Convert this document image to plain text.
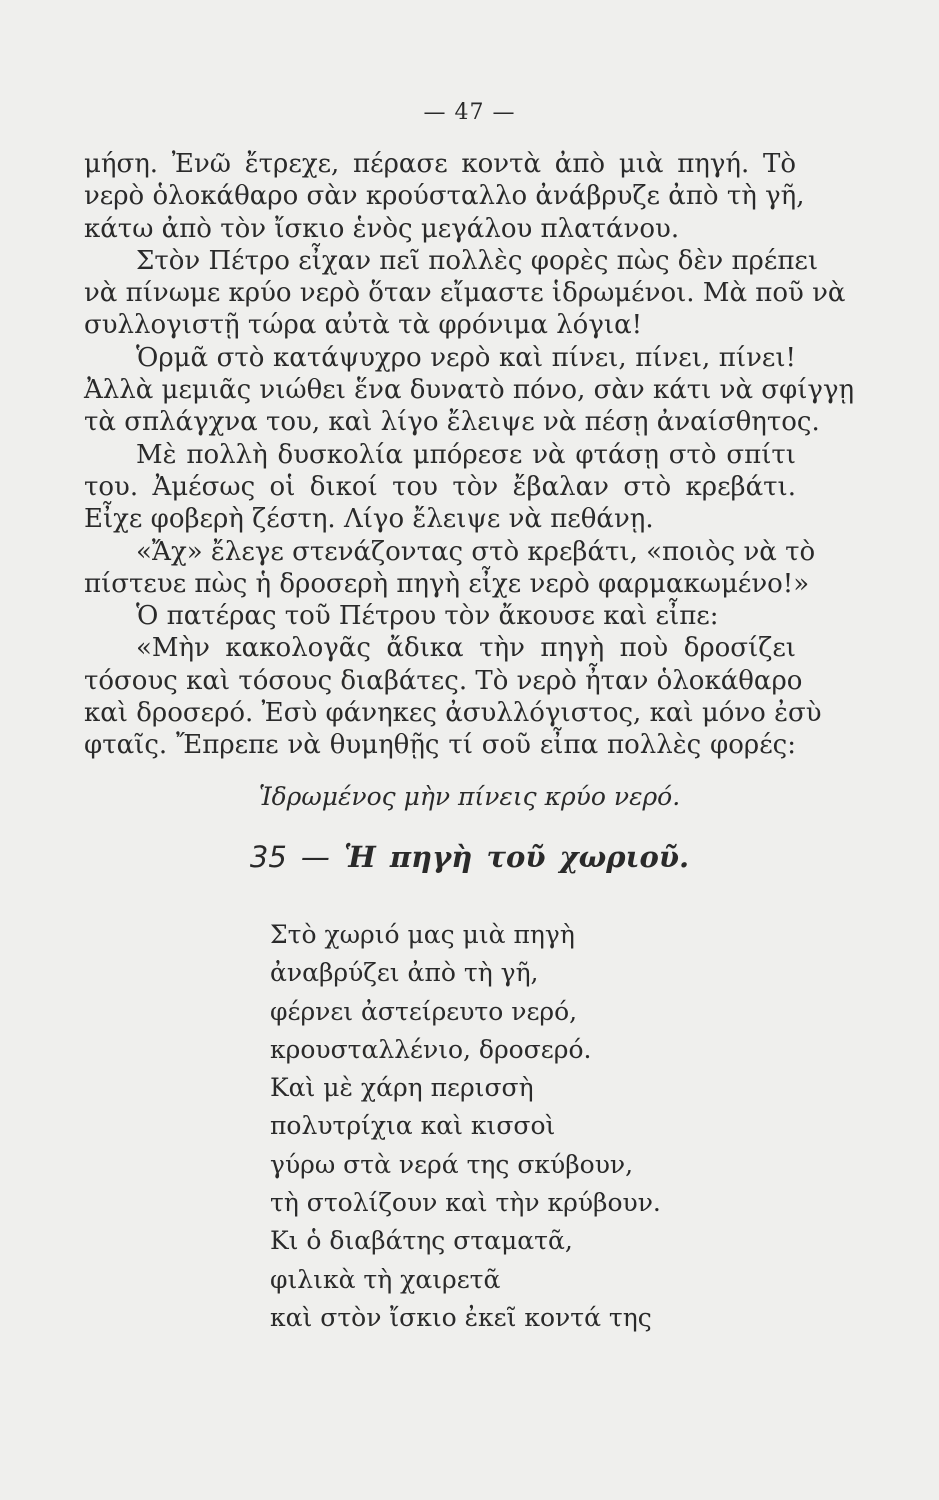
— 47 —
μήση. Ἐνῶ ἔτρεχε, πέρασε κοντὰ ἀπὸ μιὰ πηγή. Τὸ
νερὸ ὁλοκάθαρο σὰν κρούσταλλο ἀνάβρυζε ἀπὸ τὴ γῆ,
κάτω ἀπὸ τὸν ἴσκιο ἑνὸς μεγάλου πλατάνου.
Στὸν Πέτρο εἶχαν πεῖ πολλὲς φορὲς πὼς δὲν πρέπει
νὰ πίνωμε κρύο νερὸ ὅταν εἴμαστε ἱδρωμένοι. Μὰ ποῦ νὰ
συλλογιστῇ τώρα αὐτὰ τὰ φρόνιμα λόγια!
Ὁρμᾶ στὸ κατάψυχρο νερὸ καὶ πίνει, πίνει, πίνει!
Ἀλλὰ μεμιᾶς νιώθει ἕνα δυνατὸ πόνο, σὰν κάτι νὰ σφίγγῃ
τὰ σπλάγχνα του, καὶ λίγο ἔλειψε νὰ πέσῃ ἀναίσθητος.
Μὲ πολλὴ δυσκολία μπόρεσε νὰ φτάσῃ στὸ σπίτι
του. Ἀμέσως οἱ δικοί του τὸν ἔβαλαν στὸ κρεβάτι.
Εἶχε φοβερὴ ζέστη. Λίγο ἔλειψε νὰ πεθάνῃ.
«Ἄχ» ἔλεγε στενάζοντας στὸ κρεβάτι, «ποιὸς νὰ τὸ
πίστευε πὼς ἡ δροσερὴ πηγὴ εἶχε νερὸ φαρμακωμένο!»
Ὁ πατέρας τοῦ Πέτρου τὸν ἄκουσε καὶ εἶπε:
«Μὴν κακολογᾶς ἄδικα τὴν πηγὴ ποὺ δροσίζει
τόσους καὶ τόσους διαβάτες. Τὸ νερὸ ἦταν ὁλοκάθαρο
καὶ δροσερό. Ἐσὺ φάνηκες ἀσυλλόγιστος, καὶ μόνο ἐσὺ
φταῖς. Ἔπρεπε νὰ θυμηθῇς τί σοῦ εἶπα πολλὲς φορές:
Ἱδρωμένος μὴν πίνεις κρύο νερό.
35 — Ἡ πηγὴ τοῦ χωριοῦ.
Στὸ χωριό μας μιὰ πηγὴ
ἀναβρύζει ἀπὸ τὴ γῆ,
φέρνει ἀστείρευτο νερό,
κρουσταλλένιο, δροσερό.
Καὶ μὲ χάρη περισσὴ
πολυτρίχια καὶ κισσοὶ
γύρω στὰ νερά της σκύβουν,
τὴ στολίζουν καὶ τὴν κρύβουν.
Κι ὁ διαβάτης σταματᾶ,
φιλικὰ τὴ χαιρετᾶ
καὶ στὸν ἴσκιο ἐκεῖ κοντά της
